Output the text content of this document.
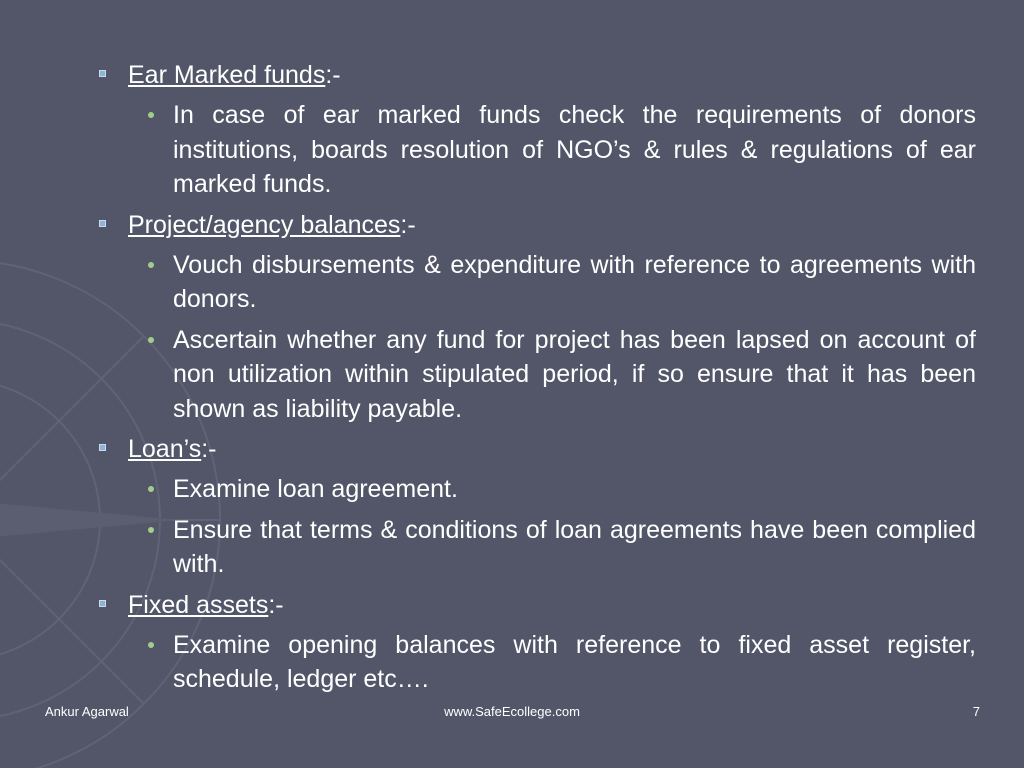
Ear Marked funds:-
In case of ear marked funds check the requirements of donors institutions, boards resolution of NGO’s & rules & regulations of ear marked funds.
Project/agency balances:-
Vouch disbursements & expenditure with reference to agreements with donors.
Ascertain whether any fund for project has been lapsed on account of non utilization within stipulated period, if so ensure that it has been shown as liability payable.
Loan’s:-
Examine loan agreement.
Ensure that terms & conditions of loan agreements have been complied with.
Fixed assets:-
Examine opening balances with reference to fixed asset register, schedule, ledger etc….
Ankur Agarwal	www.SafeEcollege.com	7
